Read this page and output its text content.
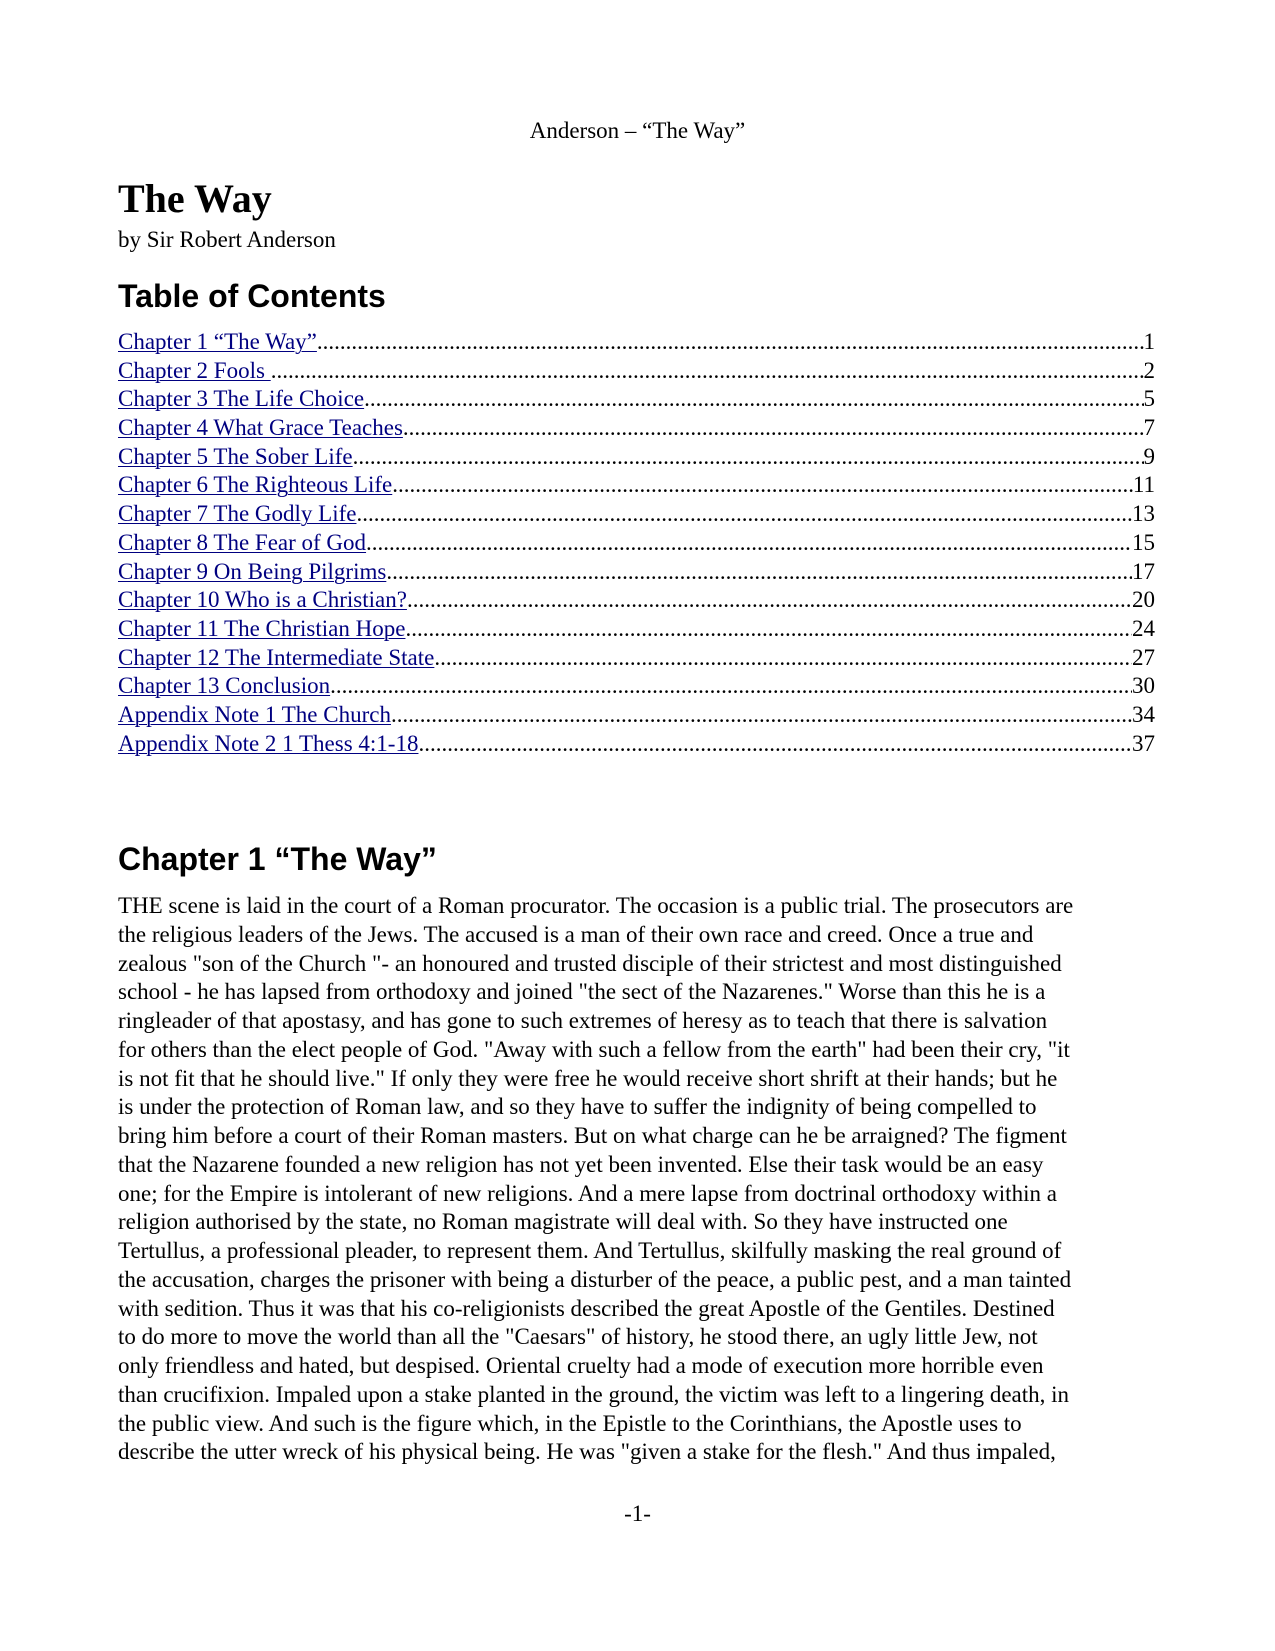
Anderson – “The Way”
The Way
by Sir Robert Anderson
Table of Contents
Chapter 1 “The Way” .....	1
Chapter 2 Fools .....	2
Chapter 3 The Life Choice .....	5
Chapter 4 What Grace Teaches .....	7
Chapter 5 The Sober Life .....	9
Chapter 6 The Righteous Life .....	11
Chapter 7 The Godly Life .....	13
Chapter 8 The Fear of God .....	15
Chapter 9 On Being Pilgrims .....	17
Chapter 10 Who is a Christian? .....	20
Chapter 11 The Christian Hope .....	24
Chapter 12 The Intermediate State .....	27
Chapter 13 Conclusion .....	30
Appendix Note 1 The Church .....	34
Appendix Note 2 1 Thess 4:1-18 .....	37
Chapter 1 “The Way”

THE scene is laid in the court of a Roman procurator. The occasion is a public trial. The prosecutors are
the religious leaders of the Jews. The accused is a man of their own race and creed. Once a true and
zealous "son of the Church "- an honoured and trusted disciple of their strictest and most distinguished
school - he has lapsed from orthodoxy and joined "the sect of the Nazarenes." Worse than this he is a
ringleader of that apostasy, and has gone to such extremes of heresy as to teach that there is salvation
for others than the elect people of God. "Away with such a fellow from the earth" had been their cry, "it
is not fit that he should live." If only they were free he would receive short shrift at their hands; but he
is under the protection of Roman law, and so they have to suffer the indignity of being compelled to
bring him before a court of their Roman masters. But on what charge can he be arraigned? The figment
that the Nazarene founded a new religion has not yet been invented. Else their task would be an easy
one; for the Empire is intolerant of new religions. And a mere lapse from doctrinal orthodoxy within a
religion authorised by the state, no Roman magistrate will deal with. So they have instructed one
Tertullus, a professional pleader, to represent them. And Tertullus, skilfully masking the real ground of
the accusation, charges the prisoner with being a disturber of the peace, a public pest, and a man tainted
with sedition. Thus it was that his co-religionists described the great Apostle of the Gentiles. Destined
to do more to move the world than all the "Caesars" of history, he stood there, an ugly little Jew, not
only friendless and hated, but despised. Oriental cruelty had a mode of execution more horrible even
than crucifixion. Impaled upon a stake planted in the ground, the victim was left to a lingering death, in
the public view. And such is the figure which, in the Epistle to the Corinthians, the Apostle uses to
describe the utter wreck of his physical being. He was "given a stake for the flesh." And thus impaled,

-1-
